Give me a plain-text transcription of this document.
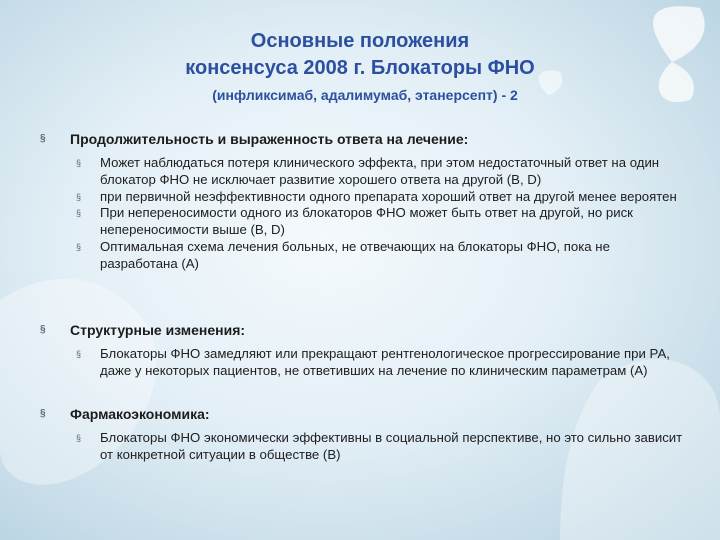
Основные положения
консенсуса 2008 г. Блокаторы ФНО
(инфликсимаб, адалимумаб, этанерсепт) - 2
§ Продолжительность и выраженность ответа на лечение:
§ Может наблюдаться потеря клинического эффекта, при этом недостаточный ответ на один блокатор ФНО не исключает развитие хорошего ответа на другой (B, D)
§ при первичной неэффективности одного препарата хороший ответ на другой менее вероятен
§ При непереносимости одного из блокаторов ФНО может быть ответ на другой, но риск непереносимости выше (B, D)
§ Оптимальная схема лечения больных, не отвечающих на блокаторы ФНО, пока не разработана (A)
§ Структурные изменения:
§ Блокаторы ФНО замедляют или прекращают рентгенологическое прогрессирование при РА, даже у некоторых пациентов, не ответивших на лечение по клиническим параметрам (A)
§ Фармакоэкономика:
§ Блокаторы ФНО экономически эффективны в социальной перспективе, но это сильно зависит от конкретной ситуации в обществе (B)
